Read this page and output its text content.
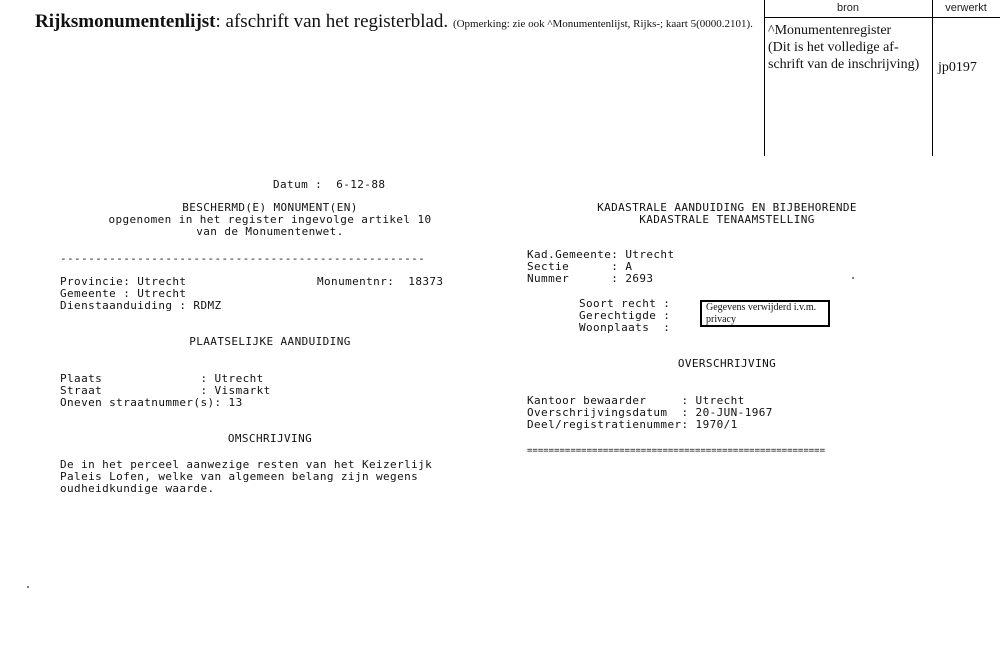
Rijksmonumentenlijst: afschrift van het registerblad. (Opmerking: zie ook ^Monumentenlijst, Rijks-; kaart 5(0000.2101).
bron	verwerkt
^Monumentenregister
(Dit is het volledige af-
schrift van de inschrijving) jp0197
Datum :  6-12-88
BESCHERMD(E) MONUMENT(EN)
opgenomen in het register ingevolge artikel 10
van de Monumentenwet.
----------------------------------------------------
Provincie: Utrecht	Monumentnr:  18373
Gemeente : Utrecht
Dienstaanduiding : RDMZ
PLAATSELIJKE AANDUIDING
Plaats              : Utrecht
Straat              : Vismarkt
Oneven straatnummer(s): 13
OMSCHRIJVING
De in het perceel aanwezige resten van het Keizerlijk
Paleis Lofen, welke van algemeen belang zijn wegens
oudheidkundige waarde.
KADASTRALE AANDUIDING EN BIJBEHORENDE
KADASTRALE TENAAMSTELLING
Kad.Gemeente: Utrecht
Sectie      : A
Nummer      : 2693
Soort recht :
Gerechtigde :
Woonplaats  :
Gegevens verwijderd i.v.m.
privacy
OVERSCHRIJVING
Kantoor bewaarder     : Utrecht
Overschrijvingsdatum  : 20-JUN-1967
Deel/registratienummer: 1970/1
=======================================================
